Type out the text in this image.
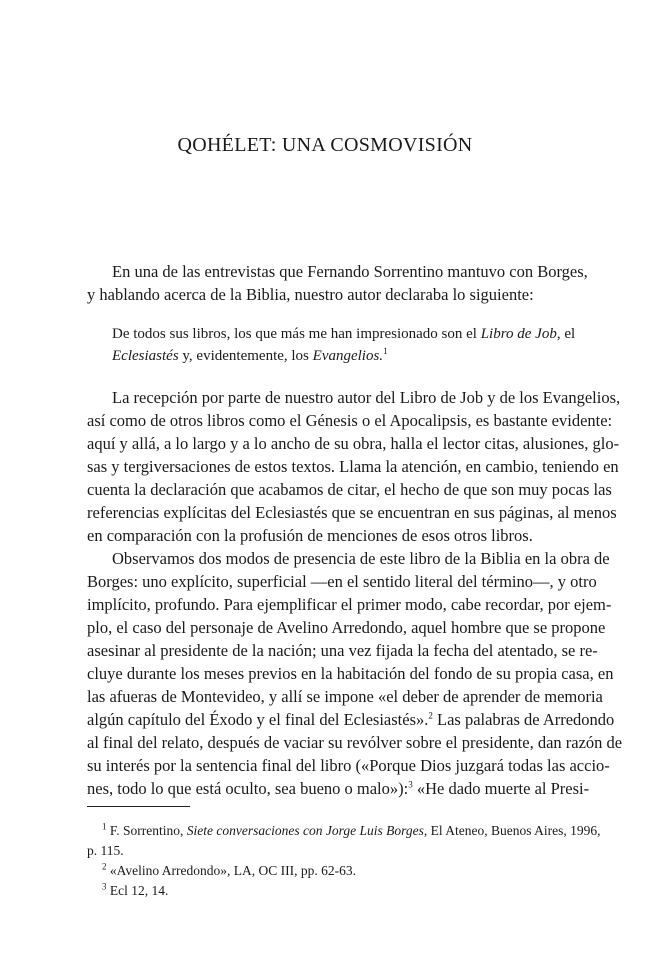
QOHÉLET: UNA COSMOVISIÓN
En una de las entrevistas que Fernando Sorrentino mantuvo con Borges,
y hablando acerca de la Biblia, nuestro autor declaraba lo siguiente:
De todos sus libros, los que más me han impresionado son el Libro de Job, el
Eclesiastés y, evidentemente, los Evangelios.$^1$
La recepción por parte de nuestro autor del Libro de Job y de los Evangelios,
así como de otros libros como el Génesis o el Apocalipsis, es bastante evidente:
aquí y allá, a lo largo y a lo ancho de su obra, halla el lector citas, alusiones, glo-
sas y tergiversaciones de estos textos. Llama la atención, en cambio, teniendo en
cuenta la declaración que acabamos de citar, el hecho de que son muy pocas las
referencias explícitas del Eclesiastés que se encuentran en sus páginas, al menos
en comparación con la profusión de menciones de esos otros libros.
Observamos dos modos de presencia de este libro de la Biblia en la obra de
Borges: uno explícito, superficial —en el sentido literal del término—, y otro
implícito, profundo. Para ejemplificar el primer modo, cabe recordar, por ejem-
plo, el caso del personaje de Avelino Arredondo, aquel hombre que se propone
asesinar al presidente de la nación; una vez fijada la fecha del atentado, se re-
cluye durante los meses previos en la habitación del fondo de su propia casa, en
las afueras de Montevideo, y allí se impone «el deber de aprender de memoria
algún capítulo del Éxodo y el final del Eclesiastés».$^2$ Las palabras de Arredondo
al final del relato, después de vaciar su revólver sobre el presidente, dan razón de
su interés por la sentencia final del libro («Porque Dios juzgará todas las accio-
nes, todo lo que está oculto, sea bueno o malo»):$^3$ «He dado muerte al Presi-
$^1$ F. Sorrentino, Siete conversaciones con Jorge Luis Borges, El Ateneo, Buenos Aires, 1996,
p. 115.
$^2$ «Avelino Arredondo», LA, OC III, pp. 62-63.
$^3$ Ecl 12, 14.
